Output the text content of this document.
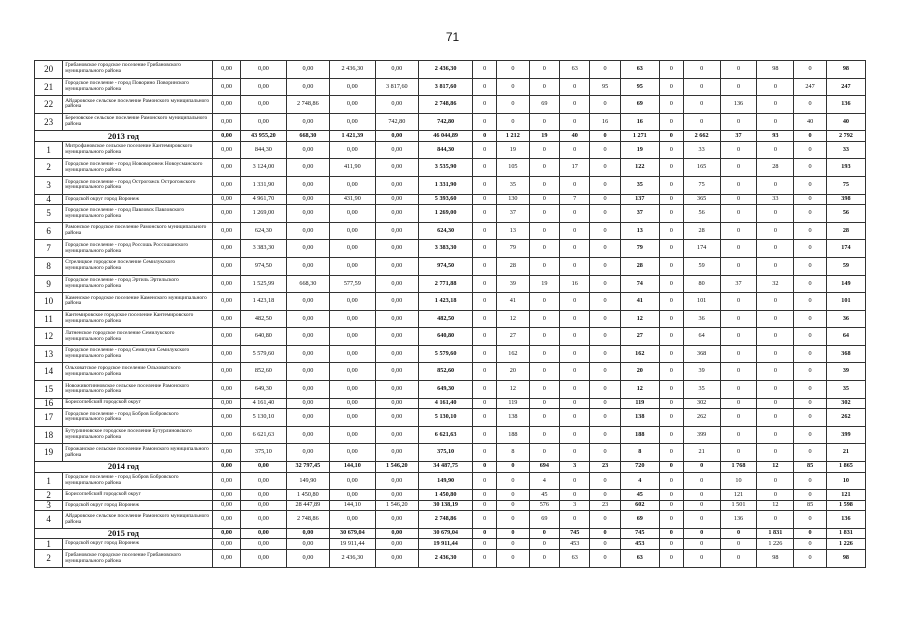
71
20	Грибановское городское поселение Грибановского муниципального района	0,00	0,00	0,00	2 436,30	0,00	2 436,30	0	0	0	63	0	63	0	0	0	98	0	98
21	Городское поселение - город Поворино Поворинского муниципального района	0,00	0,00	0,00	0,00	3 817,60	3 817,60	0	0	0	0	95	95	0	0	0	0	247	247
22	Айдаровское сельское поселение Рамонского муниципального района	0,00	0,00	2 748,86	0,00	0,00	2 748,86	0	0	69	0	0	69	0	0	136	0	0	136
23	Березовское сельское поселение Рамонского муниципального района	0,00	0,00	0,00	0,00	742,80	742,80	0	0	0	0	16	16	0	0	0	0	40	40
2013 год		0,00	43 955,20	668,30	1 421,39	0,00	46 044,89	0	1 212	19	40	0	1 271	0	2 662	37	93	0	2 792
1	Митрофановское сельское поселение Кантемировского муниципального района	0,00	844,30	0,00	0,00	0,00	844,30	0	19	0	0	0	19	0	33	0	0	0	33
2	Городское поселение - город Нововоронеж Новоусманского муниципального района	0,00	3 124,00	0,00	411,90	0,00	3 535,90	0	105	0	17	0	122	0	165	0	28	0	193
3	Городское поселение - город Острогожск Острогожского муниципального района	0,00	1 331,90	0,00	0,00	0,00	1 331,90	0	35	0	0	0	35	0	75	0	0	0	75
4	Городской округ город Воронеж	0,00	4 961,70	0,00	431,90	0,00	5 393,60	0	130	0	7	0	137	0	365	0	33	0	398
5	Городское поселение - город Павловск Павловского муниципального района	0,00	1 269,00	0,00	0,00	0,00	1 269,00	0	37	0	0	0	37	0	56	0	0	0	56
6	Рамонское городское поселение Рамонского муниципального района	0,00	624,30	0,00	0,00	0,00	624,30	0	13	0	0	0	13	0	28	0	0	0	28
7	Городское поселение - город Россошь Россошанского муниципального района	0,00	3 383,30	0,00	0,00	0,00	3 383,30	0	79	0	0	0	79	0	174	0	0	0	174
8	Стрелицкое городское поселение Семилукского муниципального района	0,00	974,50	0,00	0,00	0,00	974,50	0	28	0	0	0	28	0	59	0	0	0	59
9	Городское поселение - город Эртиль Эртильского муниципального района	0,00	1 525,99	668,30	577,59	0,00	2 771,88	0	39	19	16	0	74	0	80	37	32	0	149
10	Каменское городское поселение Каменского муниципального района	0,00	1 423,18	0,00	0,00	0,00	1 423,18	0	41	0	0	0	41	0	101	0	0	0	101
11	Кантемировское городское поселение Кантемировского муниципального района	0,00	482,50	0,00	0,00	0,00	482,50	0	12	0	0	0	12	0	36	0	0	0	36
12	Латненское городское поселение Семилукского муниципального района	0,00	640,80	0,00	0,00	0,00	640,80	0	27	0	0	0	27	0	64	0	0	0	64
13	Городское поселение - город Семилуки Семилукского муниципального района	0,00	5 579,60	0,00	0,00	0,00	5 579,60	0	162	0	0	0	162	0	368	0	0	0	368
14	Ольховатское городское поселение Ольховатского муниципального района	0,00	852,60	0,00	0,00	0,00	852,60	0	20	0	0	0	20	0	39	0	0	0	39
15	Новоживотинновское сельское поселение Рамонского муниципального района	0,00	649,30	0,00	0,00	0,00	649,30	0	12	0	0	0	12	0	35	0	0	0	35
16	Борисоглебский городской округ	0,00	4 161,40	0,00	0,00	0,00	4 161,40	0	119	0	0	0	119	0	302	0	0	0	302
17	Городское поселение - город Бобров Бобровского муниципального района	0,00	5 130,10	0,00	0,00	0,00	5 130,10	0	138	0	0	0	138	0	262	0	0	0	262
18	Бутурлиновское городское поселение Бутурлиновского муниципального района	0,00	6 621,63	0,00	0,00	0,00	6 621,63	0	188	0	0	0	188	0	399	0	0	0	399
19	Горожанское сельское поселение Рамонского муниципального района	0,00	375,10	0,00	0,00	0,00	375,10	0	8	0	0	0	8	0	21	0	0	0	21
2014 год		0,00	0,00	32 797,45	144,10	1 546,20	34 487,75	0	0	694	3	23	720	0	0	1 768	12	85	1 865
1	Городское поселение - город Бобров Бобровского муниципального района	0,00	0,00	149,90	0,00	0,00	149,90	0	0	4	0	0	4	0	0	10	0	0	10
2	Борисоглебский городской округ	0,00	0,00	1 450,80	0,00	0,00	1 450,80	0	0	45	0	0	45	0	0	121	0	0	121
3	Городской округ город Воронеж	0,00	0,00	28 447,89	144,10	1 546,20	30 138,19	0	0	576	3	23	602	0	0	1 501	12	85	1 598
4	Айдаровское сельское поселение Рамонского муниципального района	0,00	0,00	2 748,86	0,00	0,00	2 748,86	0	0	69	0	0	69	0	0	136	0	0	136
2015 год		0,00	0,00	0,00	30 679,04	0,00	30 679,04	0	0	0	745	0	745	0	0	0	1 831	0	1 831
1	Городской округ город Воронеж	0,00	0,00	0,00	19 911,44	0,00	19 911,44	0	0	0	453	0	453	0	0	0	1 226	0	1 226
2	Грибановское городское поселение Грибановского муниципального района	0,00	0,00	0,00	2 436,30	0,00	2 436,30	0	0	0	63	0	63	0	0	0	98	0	98
